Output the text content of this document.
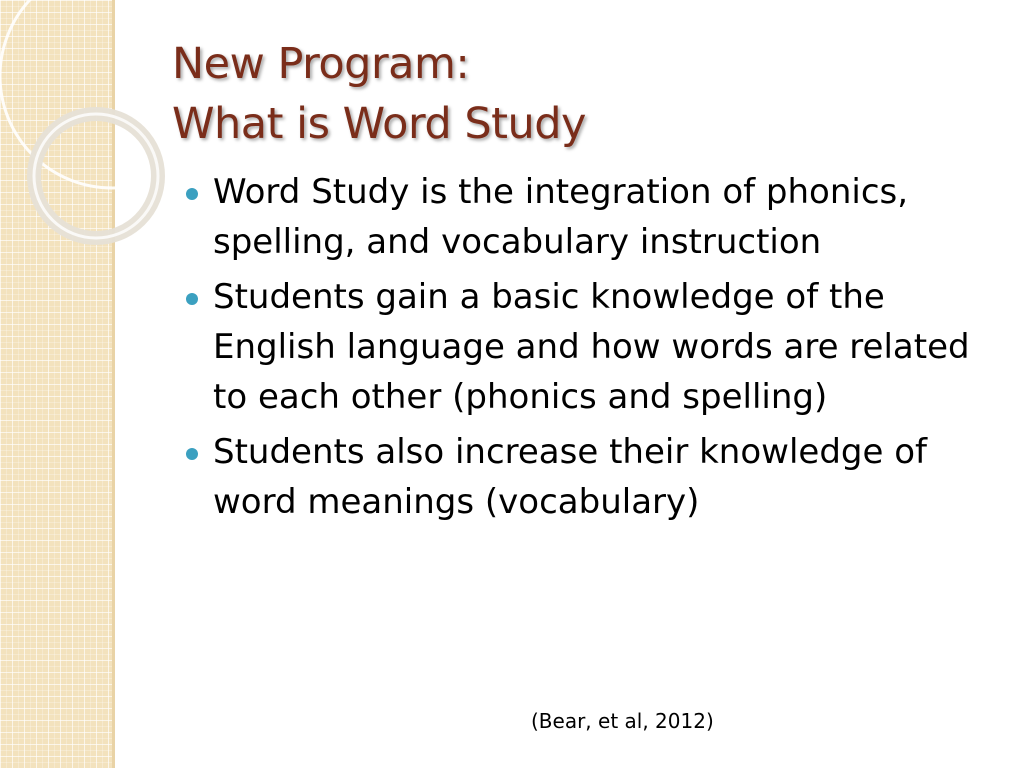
New Program:
What is Word Study
Word Study is the integration of phonics, spelling, and vocabulary instruction
Students gain a basic knowledge of the English language and how words are related to each other (phonics and spelling)
Students also increase their knowledge of word meanings (vocabulary)
(Bear, et al, 2012)
